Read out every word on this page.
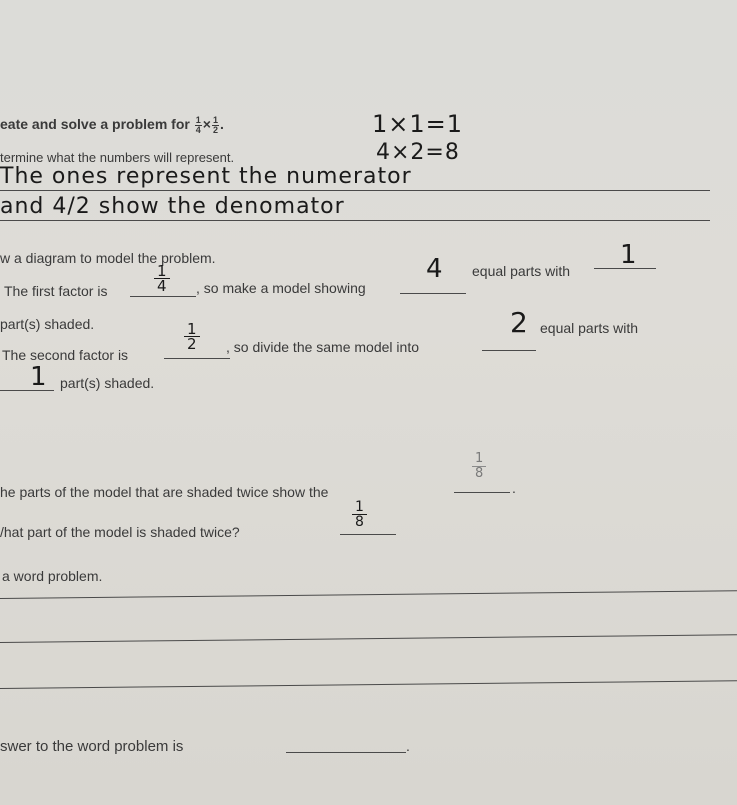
eate and solve a problem for $\frac{1}{4} \times \frac{1}{2}$ .	1×1=1
termine what the numbers will represent.	4×2=8
The ones represent the numerator
and 4/2 show the denomator
w a diagram to model the problem.
The first factor is	$\frac{1}{4}$ , so make a model showing
4 equal parts with
1
part(s) shaded.
The second factor is
$\frac{1}{2}$ , so divide the same model into
2 equal parts with
1 part(s) shaded.
he parts of the model that are shaded twice show the
$\frac{1}{8}$
.
/hat part of the model is shaded twice?
$\frac{1}{8}$
a word problem.
swer to the word problem is	.
